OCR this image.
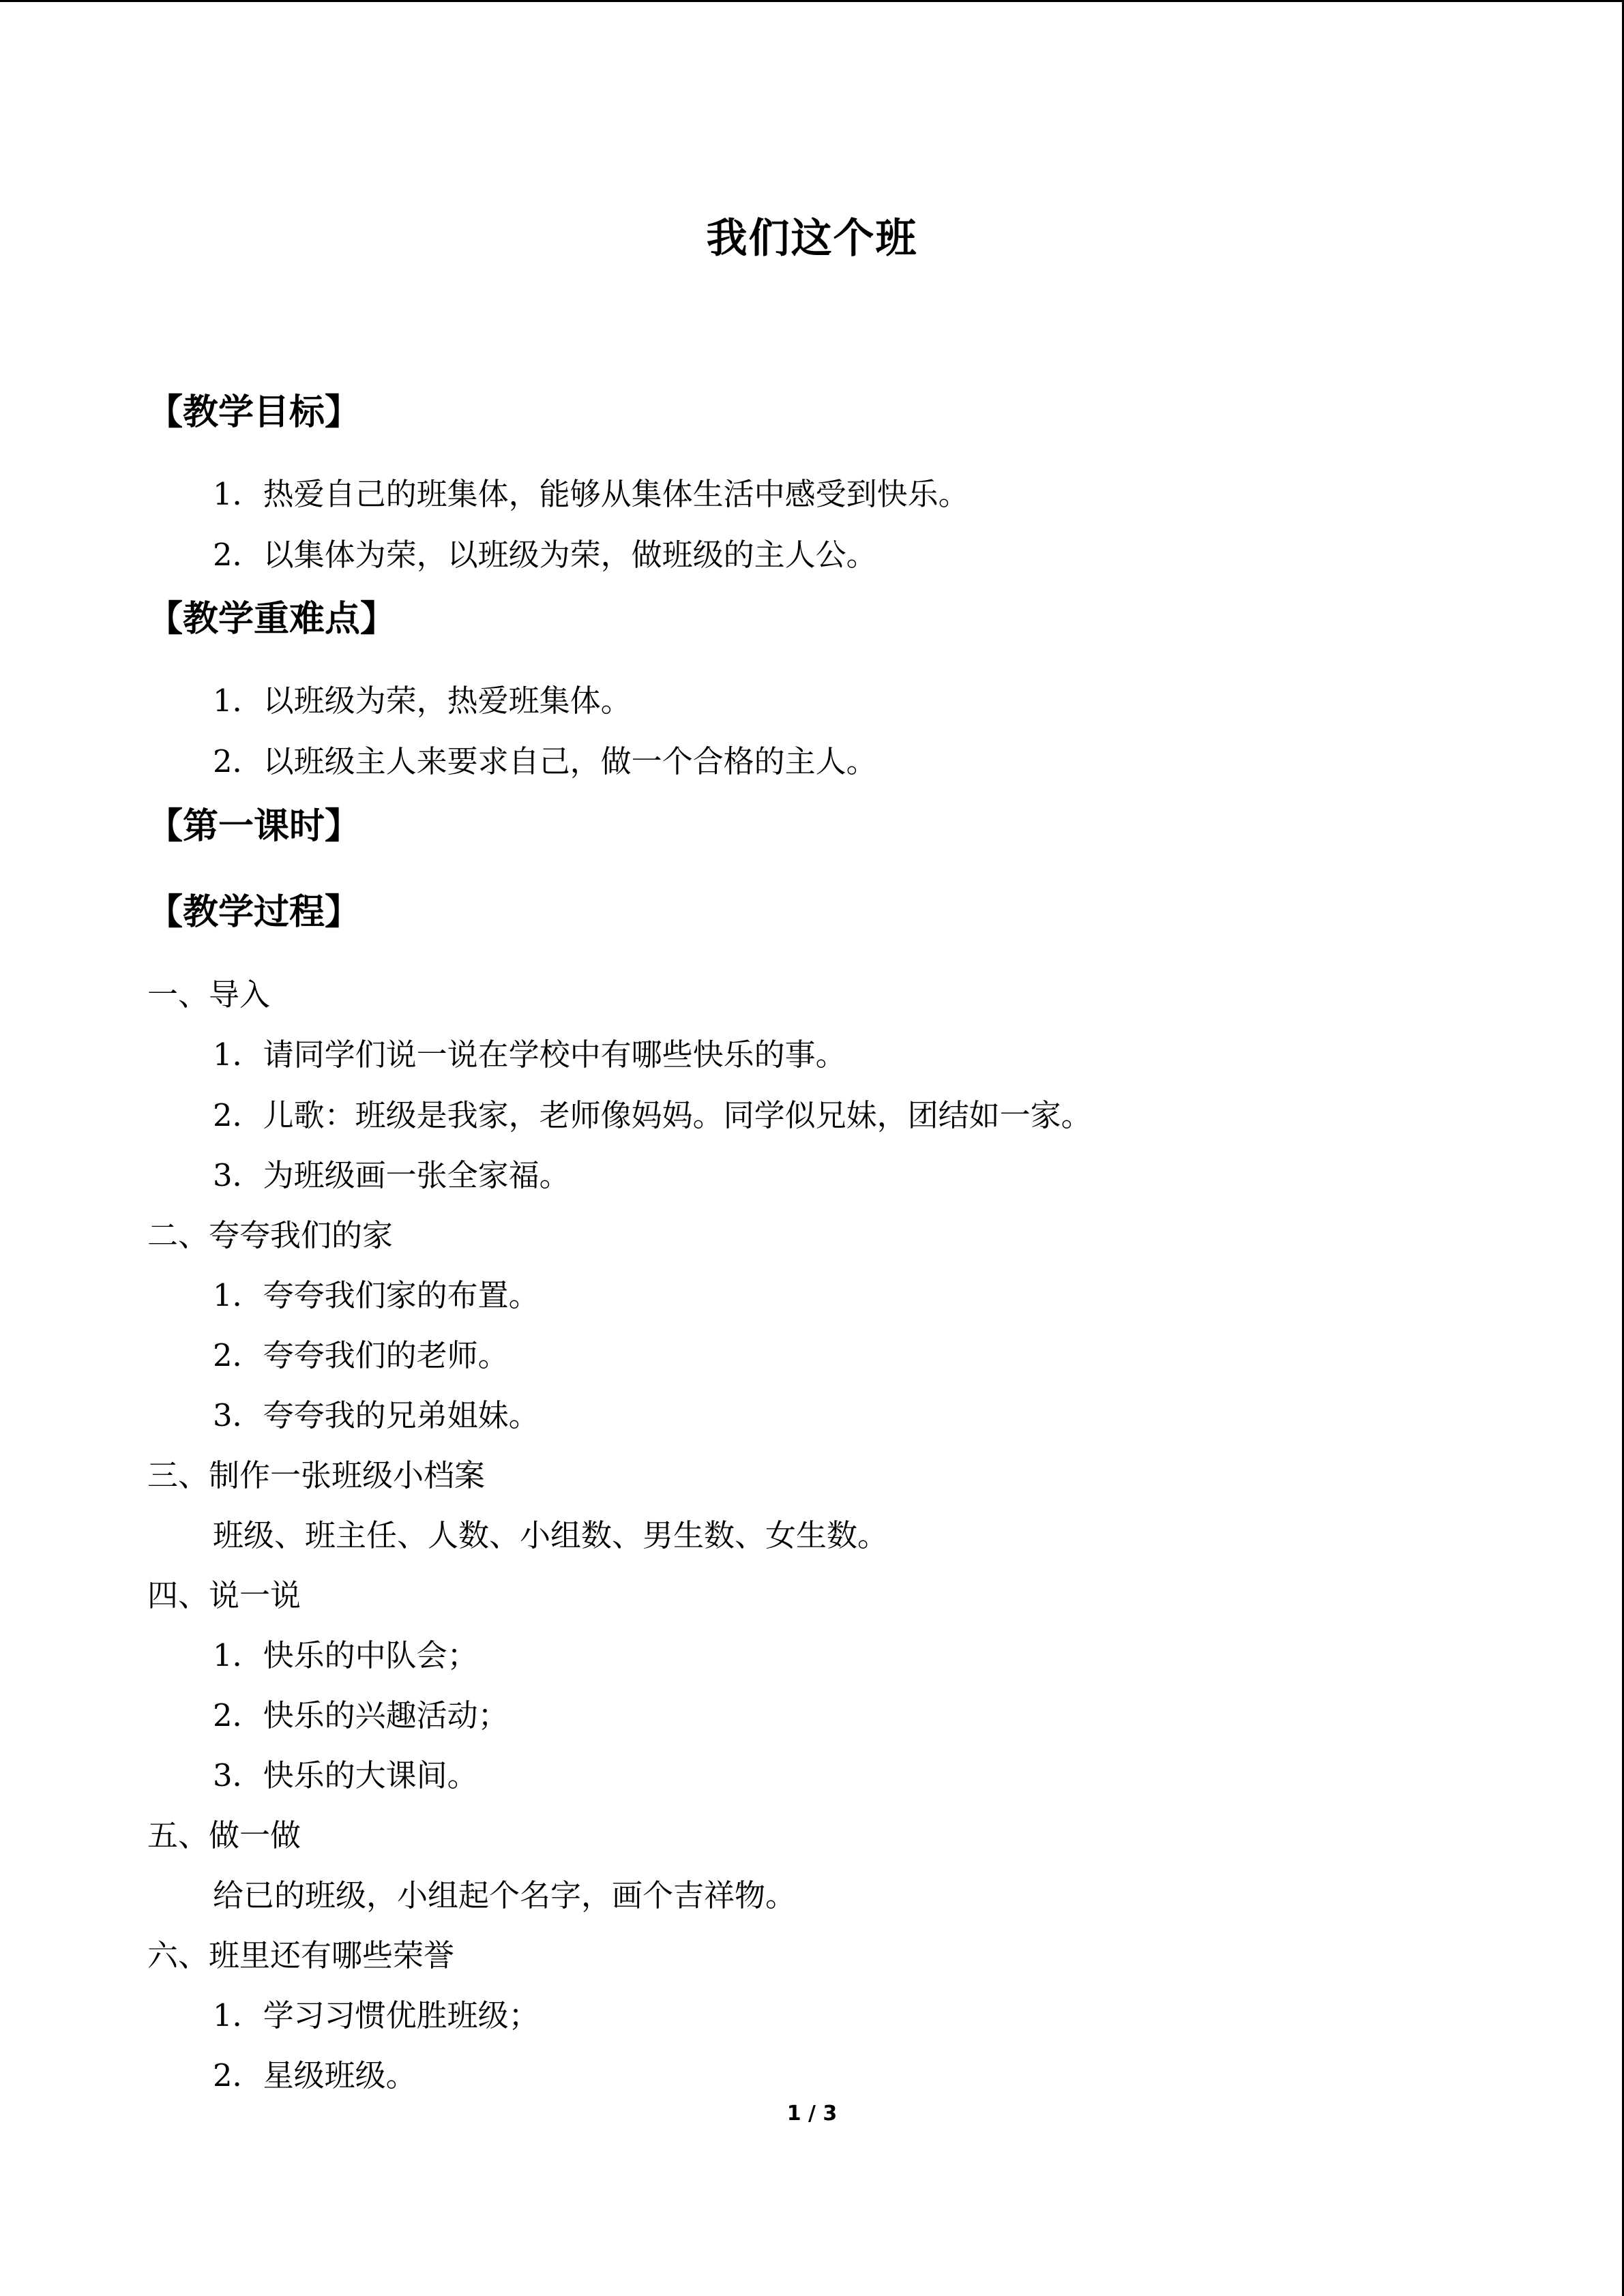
我们这个班
【教学目标】
1．热爱自己的班集体，能够从集体生活中感受到快乐。
2．以集体为荣，以班级为荣，做班级的主人公。
【教学重难点】
1．以班级为荣，热爱班集体。
2．以班级主人来要求自己，做一个合格的主人。
【第一课时】
【教学过程】
一、导入
1．请同学们说一说在学校中有哪些快乐的事。
2．儿歌：班级是我家，老师像妈妈。同学似兄妹，团结如一家。
3．为班级画一张全家福。
二、夸夸我们的家
1．夸夸我们家的布置。
2．夸夸我们的老师。
3．夸夸我的兄弟姐妹。
三、制作一张班级小档案
班级、班主任、人数、小组数、男生数、女生数。
四、说一说
1．快乐的中队会；
2．快乐的兴趣活动；
3．快乐的大课间。
五、做一做
给已的班级，小组起个名字，画个吉祥物。
六、班里还有哪些荣誉
1．学习习惯优胜班级；
2．星级班级。
1 / 3
